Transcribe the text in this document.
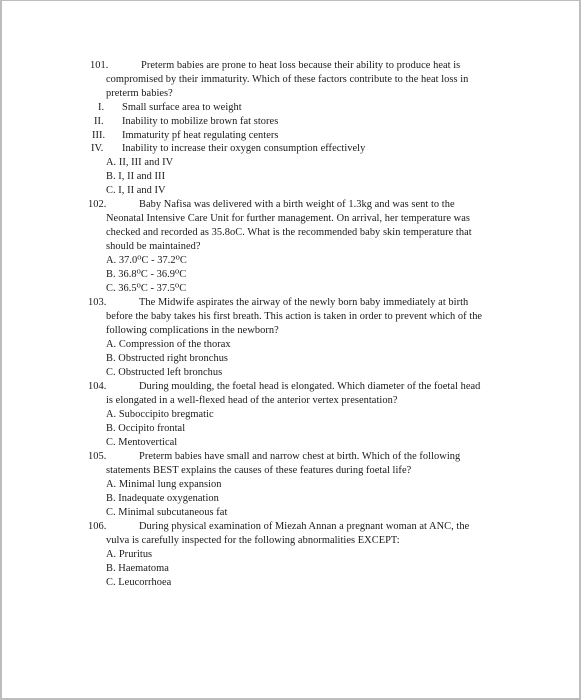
101.	Preterm babies are prone to heat loss because their ability to produce heat is
compromised by their immaturity. Which of these factors contribute to the heat loss in
preterm babies?
I. Small surface area to weight
II. Inability to mobilize brown fat stores
III. Immaturity pf heat regulating centers
IV. Inability to increase their oxygen consumption effectively
A. II, III and IV
B. I, II and III
C. I, II and IV
102.	Baby Nafisa was delivered with a birth weight of 1.3kg and was sent to the
Neonatal Intensive Care Unit for further management. On arrival, her temperature was
checked and recorded as 35.8oC. What is the recommended baby skin temperature that
should be maintained?
A. 37.0⁰C - 37.2⁰C
B. 36.8⁰C - 36.9⁰C
C. 36.5⁰C - 37.5⁰C
103.	The Midwife aspirates the airway of the newly born baby immediately at birth
before the baby takes his first breath. This action is taken in order to prevent which of the
following complications in the newborn?
A. Compression of the thorax
B. Obstructed right bronchus
C. Obstructed left bronchus
104.	During moulding, the foetal head is elongated. Which diameter of the foetal head
is elongated in a well-flexed head of the anterior vertex presentation?
A. Suboccipito bregmatic
B. Occipito frontal
C. Mentovertical
105.	Preterm babies have small and narrow chest at birth. Which of the following
statements BEST explains the causes of these features during foetal life?
A. Minimal lung expansion
B. Inadequate oxygenation
C. Minimal subcutaneous fat
106.	During physical examination of Miezah Annan a pregnant woman at ANC, the
vulva is carefully inspected for the following abnormalities EXCEPT:
A. Pruritus
B. Haematoma
C. Leucorrhoea
